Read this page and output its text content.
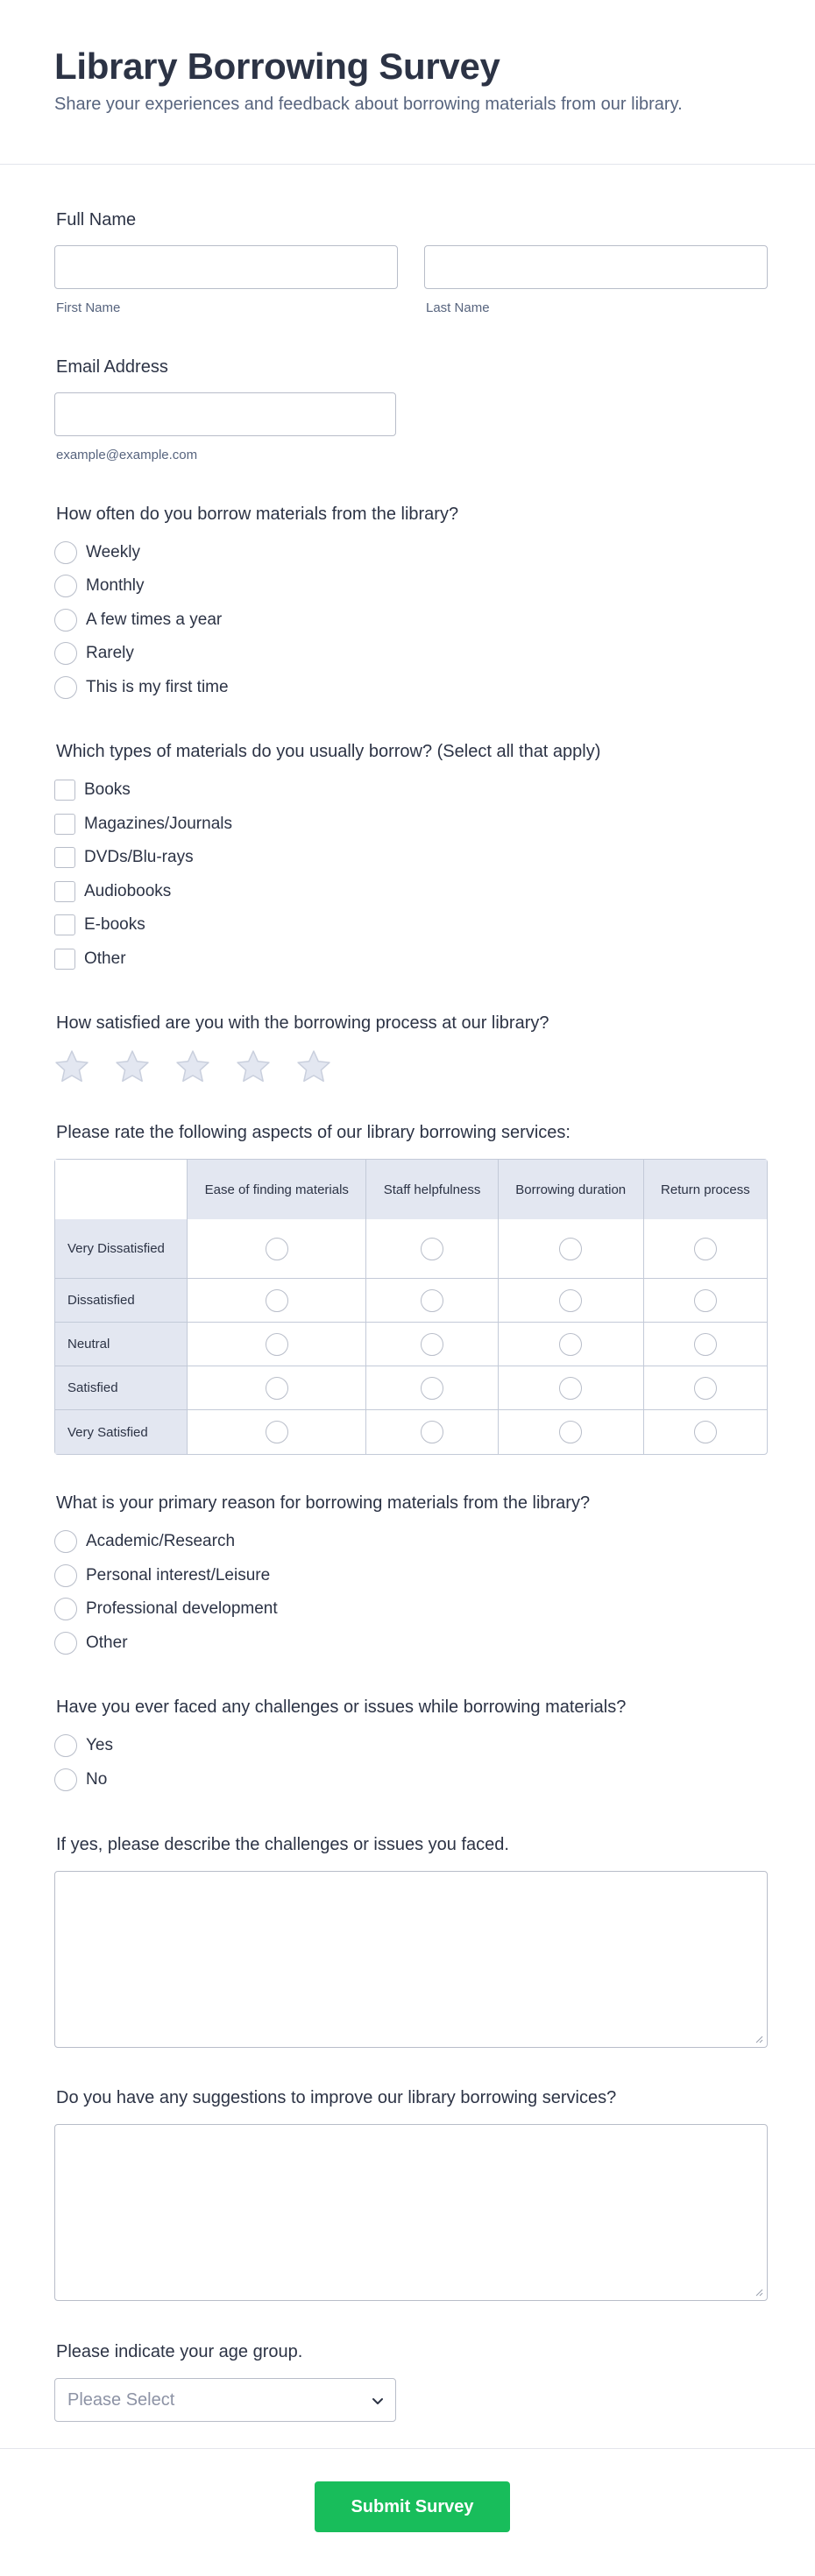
Library Borrowing Survey

Share your experiences and feedback about borrowing materials from our library.

Full Name
First Name	Last Name
Email Address
example@example.com
How often do you borrow materials from the library?
Weekly
Monthly
A few times a year
Rarely
This is my first time
Which types of materials do you usually borrow? (Select all that apply)
Books
Magazines/Journals
DVDs/Blu-rays
Audiobooks
E-books
Other
How satisfied are you with the borrowing process at our library?
Please rate the following aspects of our library borrowing services:
	Ease of finding materials	Staff helpfulness	Borrowing duration	Return process
Very Dissatisfied				
Dissatisfied				
Neutral				
Satisfied				
Very Satisfied				
What is your primary reason for borrowing materials from the library?
Academic/Research
Personal interest/Leisure
Professional development
Other
Have you ever faced any challenges or issues while borrowing materials?
Yes
No
If yes, please describe the challenges or issues you faced.
Do you have any suggestions to improve our library borrowing services?
Please indicate your age group.
Please Select
Submit Survey
